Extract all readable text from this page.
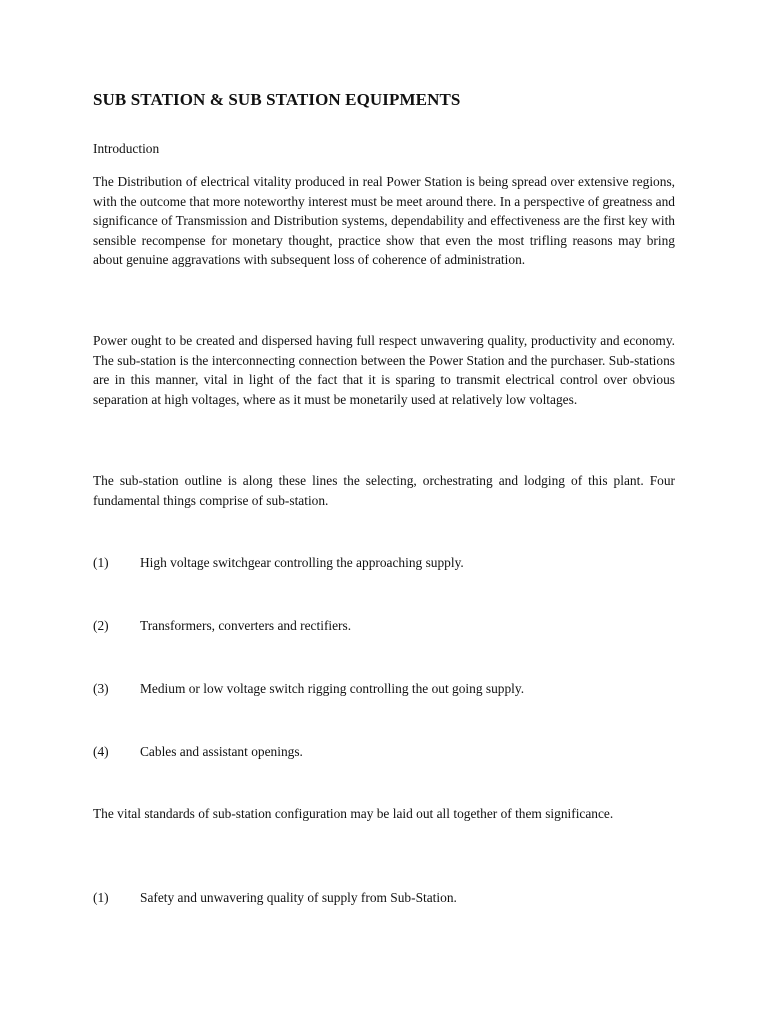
SUB STATION & SUB STATION EQUIPMENTS

Introduction

The Distribution of electrical vitality produced in real Power Station is being spread over extensive regions, with the outcome that more noteworthy interest must be meet around there. In a perspective of greatness and significance of Transmission and Distribution systems, dependability and effectiveness are the first key with sensible recompense for monetary thought, practice show that even the most trifling reasons may bring about genuine aggravations with subsequent loss of coherence of administration.

Power ought to be created and dispersed having full respect unwavering quality, productivity and economy. The sub-station is the interconnecting connection between the Power Station and the purchaser. Sub-stations are in this manner, vital in light of the fact that it is sparing to transmit electrical control over obvious separation at high voltages, where as it must be monetarily used at relatively low voltages.

The sub-station outline is along these lines the selecting, orchestrating and lodging of this plant. Four fundamental things comprise of sub-station.

(1) High voltage switchgear controlling the approaching supply.
(2) Transformers, converters and rectifiers.
(3) Medium or low voltage switch rigging controlling the out going supply.
(4) Cables and assistant openings.

The vital standards of sub-station configuration may be laid out all together of them significance.

(1) Safety and unwavering quality of supply from Sub-Station.
